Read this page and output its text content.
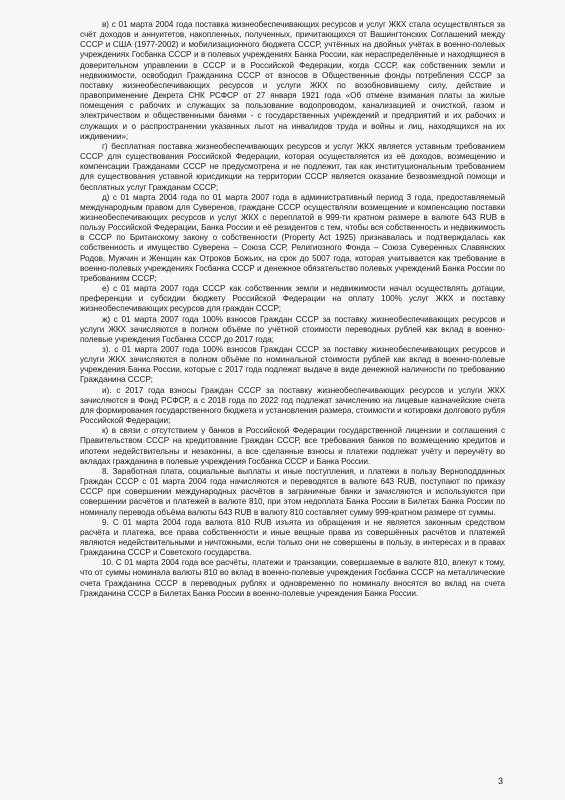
в) с 01 марта 2004 года поставка жизнеобеспечивающих ресурсов и услуг ЖКХ стала осуществляться за счёт доходов и аннуитетов, накопленных, полученных, причитающихся от Вашингтонских Соглашений между СССР и США (1977-2002) и мобилизационного бюджета СССР, учтённых на двойных учётах в военно-полевых учреждениях Госбанка СССР и в полевых учреждениях Банка России, как нераспределённые и находящиеся в доверительном управлении в СССР и в Российской Федерации, когда СССР, как собственник земли и недвижимости, освободил Гражданина СССР от взносов в Общественные фонды потребления СССР за поставку жизнеобеспечивающих ресурсов и услуги ЖКХ по возобновившему силу, действие и правоприменение Декрета СНК РСФСР от 27 января 1921 года «Об отмене взимания платы за жилые помещения с рабочих и служащих за пользование водопроводом, канализацией и очисткой, газом и электричеством и общественными банями - с государственных учреждений и предприятий и их рабочих и служащих и о распространении указанных льгот на инвалидов труда и войны и лиц, находящихся на их иждивении»;

г) бесплатная поставка жизнеобеспечивающих ресурсов и услуг ЖКХ является уставным требованием СССР для существования Российской Федерации, которая осуществляется из её доходов, возмещению и компенсации Гражданами СССР не предусмотрена и не подлежит, так как институциональным требованием для существования уставной юрисдикции на территории СССР является оказание безвозмездной помощи и бесплатных услуг Гражданам СССР;

д) с 01 марта 2004 года по 01 марта 2007 года в административный период 3 года, предоставляемый международным правом для Суверенов, граждане СССР осуществляли возмещение и компенсацию поставки жизнеобеспечивающих ресурсов и услуг ЖКХ с переплатой в 999-ти кратном размере в валюте 643 RUB в пользу Российской Федерации, Банка России и её резидентов с тем, чтобы вся собственность и недвижимость в СССР по Британскому закону о собственности (Property Act 1925) признавалась и подтверждалась как собственность и имущество Суверена – Союза ССР, Религиозного Фонда – Союза Суверенных Славянских Родов, Мужчин и Женщин как Отроков Божьих, на срок до 5007 года, которая учитывается как требование в военно-полевых учреждениях Госбанка СССР и денежное обязательство полевых учреждений Банка России по требованиям СССР;

е) с 01 марта 2007 года СССР как собственник земли и недвижимости начал осуществлять дотации, преференции и субсидии бюджету Российской Федерации на оплату 100% услуг ЖКХ и поставку жизнеобеспечивающих ресурсов для граждан СССР;

ж) с 01 марта 2007 года 100% взносов Граждан СССР за поставку жизнеобеспечивающих ресурсов и услуги ЖКХ зачисляются в полном объёме по учётной стоимости переводных рублей как вклад в военно-полевые учреждения Госбанка СССР до 2017 года;

з). с 01 марта 2007 года 100% взносов Граждан СССР за поставку жизнеобеспечивающих ресурсов и услуги ЖКХ зачисляются в полном объёме по номинальной стоимости рублей как вклад в военно-полевые учреждения Банка России, которые с 2017 года подлежат выдаче в виде денежной наличности по требованию Гражданина СССР;

и). с 2017 года взносы Граждан СССР за поставку жизнеобеспечивающих ресурсов и услуги ЖКХ зачисляются в Фонд РСФСР, а с 2018 года по 2022 год подлежат зачислению на лицевые казначейские счета для формирования государственного бюджета и установления размера, стоимости и котировки долгового рубля Российской Федерации;

к) в связи с отсутствием у банков в Российской Федерации государственной лицензии и соглашения с Правительством СССР на кредитование Граждан СССР, все требования банков по возмещению кредитов и ипотеки недействительны и незаконны, а все сделанные взносы и платежи подлежат учёту и переучёту во вкладах гражданина в полевые учреждения Госбанка СССР и Банка России.

8. Заработная плата, социальные выплаты и иные поступления, и платежи в пользу Верноподданных Граждан СССР с 01 марта 2004 года начисляются и переводятся в валюте 643 RUB, поступают по приказу СССР при совершении международных расчётов в заграничные банки и зачисляются и используются при совершении расчётов и платежей в валюте 810, при этом недоплата Банка России в Билетах Банка России по номиналу перевода объёма валюты 643 RUB в валюту 810 составляет сумму 999-кратном размере от суммы.

9. С 01 марта 2004 года валюта 810 RUB изъята из обращения и не является законным средством расчёта и платежа, все права собственности и иные вещные права из совершённых расчётов и платежей являются недействительными и ничтожными, если только они не совершены в пользу, в интересах и в правах Гражданина СССР и Советского государства.

10. С 01 марта 2004 года все расчёты, платежи и транзакции, совершаемые в валюте 810, влекут к тому, что от суммы номинала валюты 810 во вклад в военно-полевые учреждения Госбанка СССР на металлические счета Гражданина СССР в переводных рублях и одновременно по номиналу вносятся во вклад на счета Гражданина СССР в Билетах Банка России в военно-полевые учреждения Банка России.

3
